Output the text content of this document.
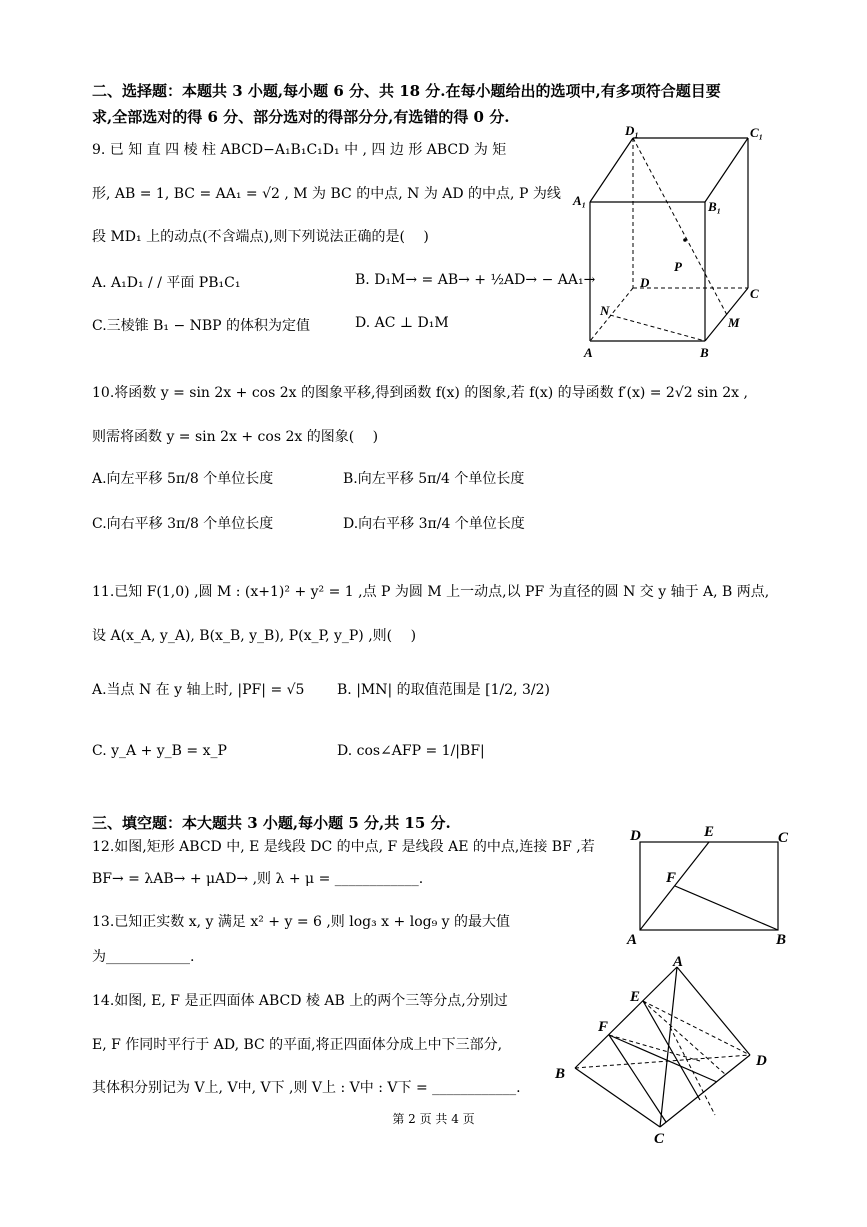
二、选择题：本题共 3 小题,每小题 6 分、共 18 分.在每小题给出的选项中,有多项符合题目要
求,全部选对的得 6 分、部分选对的得部分分,有选错的得 0 分.
9. 已 知 直 四 棱 柱 ABCD−A₁B₁C₁D₁ 中 , 四 边 形 ABCD 为 矩
形, AB = 1, BC = AA₁ = √2 , M 为 BC 的中点, N 为 AD 的中点, P 为线
段 MD₁ 上的动点(不含端点),则下列说法正确的是(　 )
A. A₁D₁ / / 平面 PB₁C₁	B. D₁M→ = AB→ + ½AD→ − AA₁→
C.三棱锥 B₁ − NBP 的体积为定值	D. AC ⊥ D₁M
D₁	C₁
A₁	B₁
P
D
C
N
M
A	B
10.将函数 y = sin 2x + cos 2x 的图象平移,得到函数 f(x) 的图象,若 f(x) 的导函数 f′(x) = 2√2 sin 2x ,
则需将函数 y = sin 2x + cos 2x 的图象(　 )
A.向左平移 5π/8 个单位长度	B.向左平移 5π/4 个单位长度
C.向右平移 3π/8 个单位长度	D.向右平移 3π/4 个单位长度
11.已知 F(1,0) ,圆 M : (x+1)² + y² = 1 ,点 P 为圆 M 上一动点,以 PF 为直径的圆 N 交 y 轴于 A, B 两点,
设 A(x_A, y_A), B(x_B, y_B), P(x_P, y_P) ,则(　 )
A.当点 N 在 y 轴上时, |PF| = √5 B. |MN| 的取值范围是 [1/2, 3/2)
C. y_A + y_B = x_P	D. cos∠AFP = 1/|BF|
三、填空题：本大题共 3 小题,每小题 5 分,共 15 分.
12.如图,矩形 ABCD 中, E 是线段 DC 的中点, F 是线段 AE 的中点,连接 BF ,若
BF→ = λAB→ + μAD→ ,则 λ + μ = ____________.
D	E	C
F
A	B
13.已知正实数 x, y 满足 x² + y = 6 ,则 log₃ x + log₉ y 的最大值
为____________.
14.如图, E, F 是正四面体 ABCD 棱 AB 上的两个三等分点,分别过
E, F 作同时平行于 AD, BC 的平面,将正四面体分成上中下三部分,
其体积分别记为 V上, V中, V下 ,则 V上 : V中 : V下 = ____________.
A
E
F
B
D
C
第 2 页 共 4 页
